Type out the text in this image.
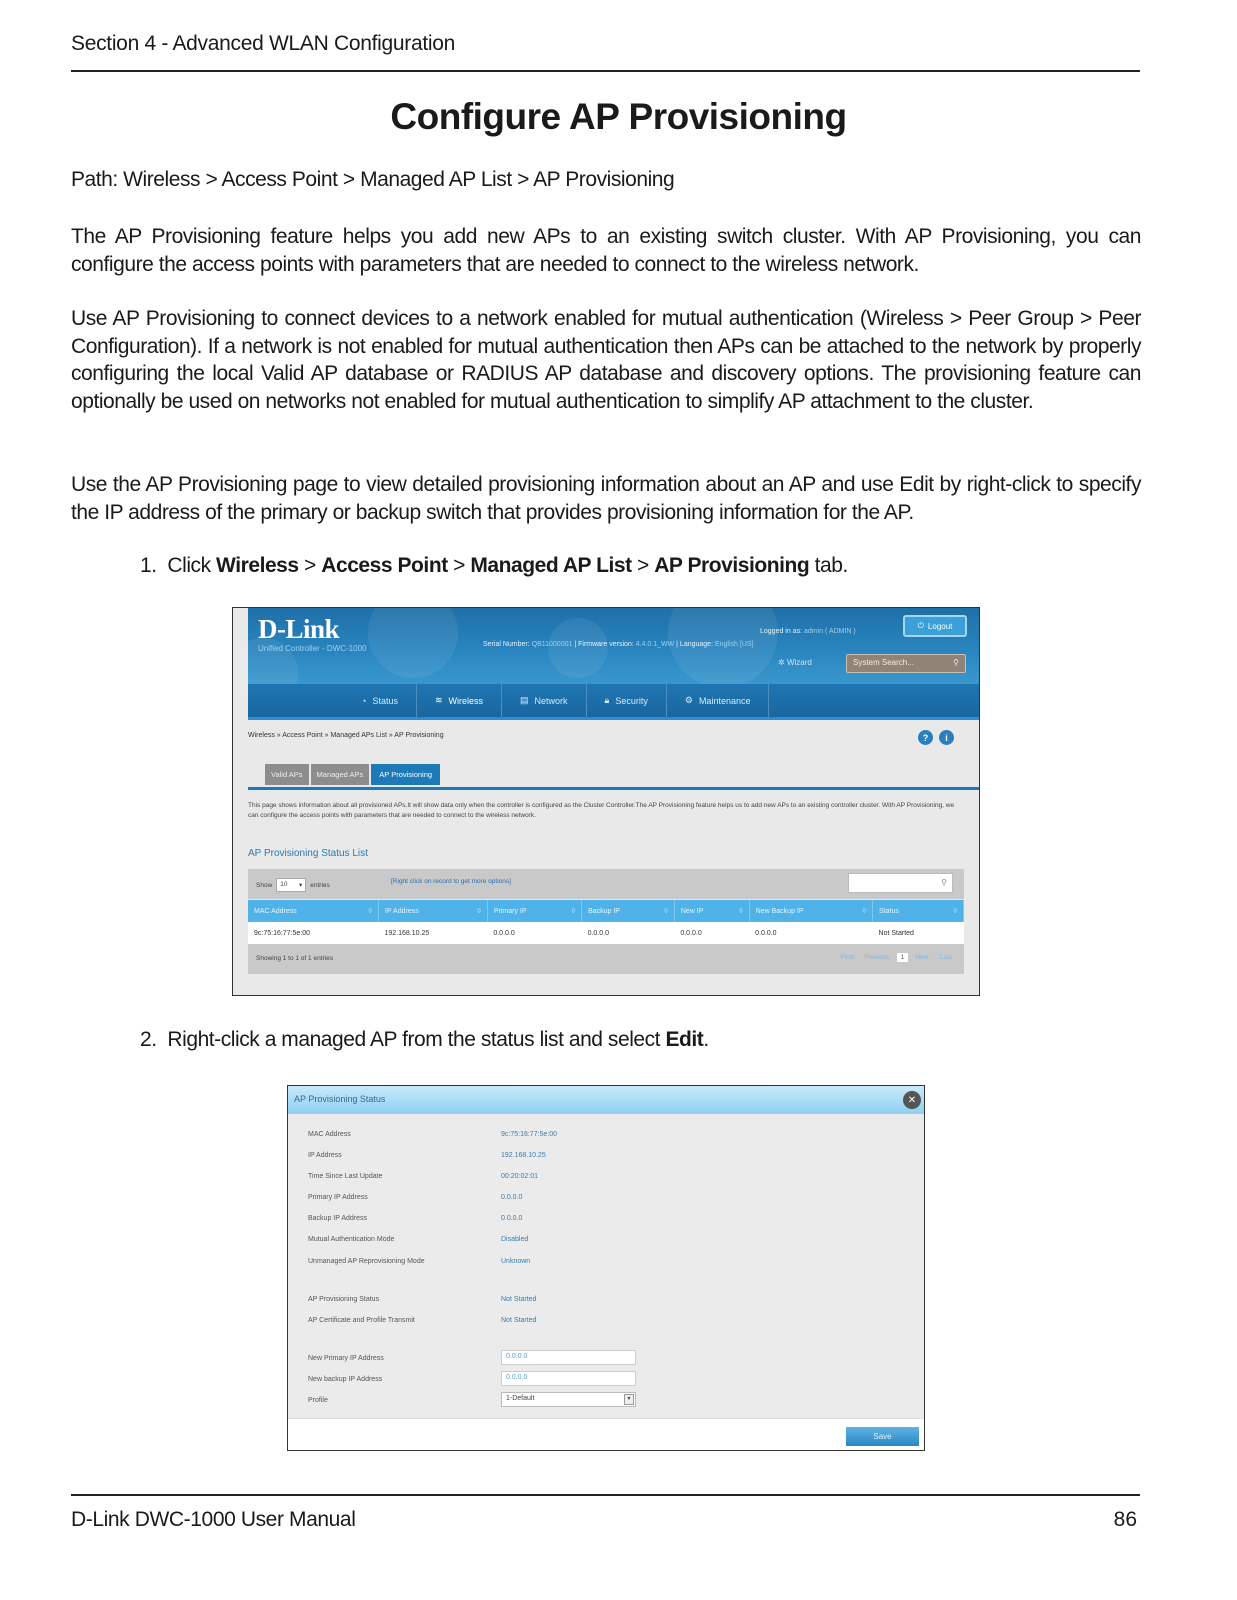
Section 4 - Advanced WLAN Configuration
Configure AP Provisioning

Path: Wireless > Access Point > Managed AP List > AP Provisioning

The AP Provisioning feature helps you add new APs to an existing switch cluster. With AP Provisioning, you can configure the access points with parameters that are needed to connect to the wireless network.

Use AP Provisioning to connect devices to a network enabled for mutual authentication (Wireless > Peer Group > Peer Configuration). If a network is not enabled for mutual authentication then APs can be attached to the network by properly configuring the local Valid AP database or RADIUS AP database and discovery options. The provisioning feature can optionally be used on networks not enabled for mutual authentication to simplify AP attachment to the cluster.

Use the AP Provisioning page to view detailed provisioning information about an AP and use Edit by right-click to specify the IP address of the primary or backup switch that provides provisioning information for the AP.

1. Click Wireless > Access Point > Managed AP List > AP Provisioning tab.
D-Link
Unified Controller - DWC-1000	Serial Number: QB11000001 | Firmware version: 4.4.0.1_WW | Language: English [US]
Logged in as: admin ( ADMIN )
⏻ Logout
✲ Wizard	System Search...	⚲
◔ Status	≋ Wireless	▤ Network	🔒︎ Security	⚙ Maintenance
Wireless » Access Point » Managed APs List » AP Provisioning	?	i
Valid APs	Managed APs	AP Provisioning
This page shows information about all provisioned APs.It will show data only when the controller is configured as the Cluster Controller.The AP Provisioning feature helps us to add new APs to an existing controller cluster. With AP Provisioning, we can configure the access points with parameters that are needed to connect to the wireless network.
AP Provisioning Status List
Show 10 ▾ entries	[Right click on record to get more options]	⚲
MAC Address ◊	IP Address ◊	Primary IP ◊	Backup IP ◊	New IP ◊	New Backup IP ◊	Status ◊

9c:75:16:77:5e:00	192.168.10.25	0.0.0.0	0.0.0.0	0.0.0.0	0.0.0.0	Not Started
Showing 1 to 1 of 1 entries	First	Previous	1	Next	Last
2. Right-click a managed AP from the status list and select Edit.
AP Provisioning Status	✕
MAC Address	9c:75:16:77:5e:00
IP Address	192.168.10.25
Time Since Last Update	00:20:02:01
Primary IP Address	0.0.0.0
Backup IP Address	0.0.0.0
Mutual Authentication Mode	Disabled
Unmanaged AP Reprovisioning Mode	Unknown
AP Provisioning Status	Not Started
AP Certificate and Profile Transmit	Not Started
New Primary IP Address	0.0.0.0
New backup IP Address	0.0.0.0
Profile	1-Default	▾
Save
D-Link DWC-1000 User Manual	86
